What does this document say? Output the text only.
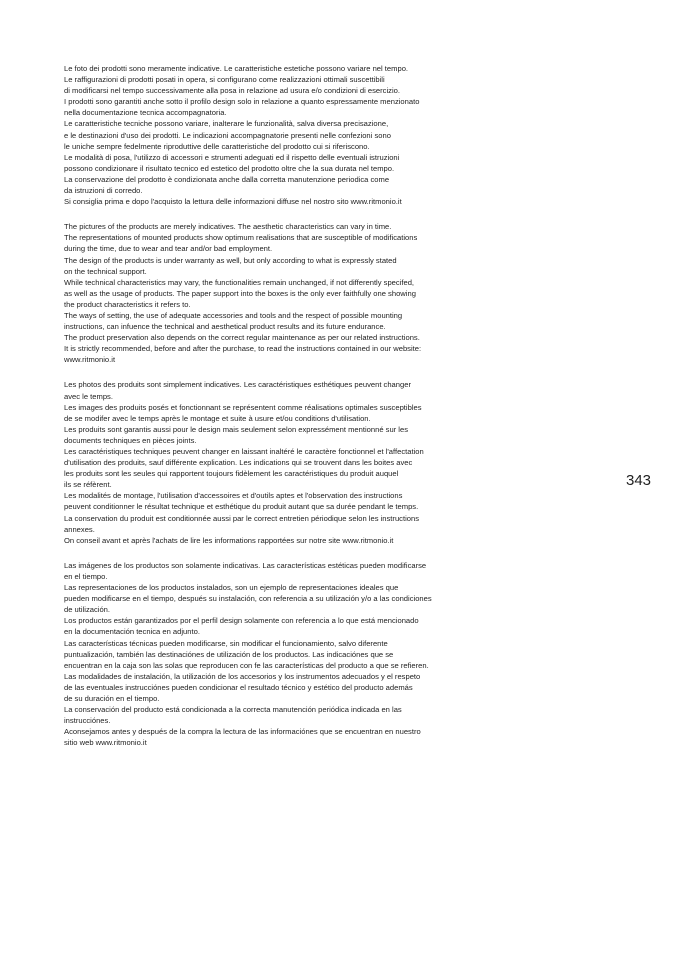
Le foto dei prodotti sono meramente indicative. Le caratteristiche estetiche possono variare nel tempo.
Le raffigurazioni di prodotti posati in opera, si configurano come realizzazioni ottimali suscettibili
di modificarsi nel tempo successivamente alla posa in relazione ad usura e/o condizioni di esercizio.
I prodotti sono garantiti anche sotto il profilo design solo in relazione a quanto espressamente menzionato
nella documentazione tecnica accompagnatoria.
Le caratteristiche tecniche possono variare, inalterare le funzionalità, salva diversa precisazione,
e le destinazioni d'uso dei prodotti. Le indicazioni accompagnatorie presenti nelle confezioni sono
le uniche sempre fedelmente riproduttive delle caratteristiche del prodotto cui si riferiscono.
Le modalità di posa, l'utilizzo di accessori e strumenti adeguati ed il rispetto delle eventuali istruzioni
possono condizionare il risultato tecnico ed estetico del prodotto oltre che la sua durata nel tempo.
La conservazione del prodotto è condizionata anche dalla corretta manutenzione periodica come
da istruzioni di corredo.
Si consiglia prima e dopo l'acquisto la lettura delle informazioni diffuse nel nostro sito www.ritmonio.it
The pictures of the products are merely indicatives. The aesthetic characteristics can vary in time.
The representations of mounted products show optimum realisations that are susceptible of modifications
during the time, due to wear and tear and/or bad employment.
The design of the products is under warranty as well, but only according to what is expressly stated
on the technical support.
While technical characteristics may vary, the functionalities remain unchanged, if not differently specifed,
as well as the usage of products. The paper support into the boxes is the only ever faithfully one showing
the product characteristics it refers to.
The ways of setting, the use of adequate accessories and tools and the respect of possible mounting
instructions, can infuence the technical and aesthetical product results and its future endurance.
The product preservation also depends on the correct regular maintenance as per our related instructions.
It is strictly recommended, before and after the purchase, to read the instructions contained in our website:
www.ritmonio.it
Les photos des produits sont simplement indicatives. Les caractéristiques esthétiques peuvent changer
avec le temps.
Les images des produits posés et fonctionnant se représentent comme réalisations optimales susceptibles
de se modifer avec le temps après le montage et suite à usure et/ou conditions d'utilisation.
Les produits sont garantis aussi pour le design mais seulement selon expressément mentionné sur les
documents techniques en pièces joints.
Les caractéristiques techniques peuvent changer en laissant inaltéré le caractère fonctionnel et l'affectation
d'utilisation des produits, sauf différente explication. Les indications qui se trouvent dans les boites avec
les produits sont les seules qui rapportent toujours fidèlement les caractéristiques du produit auquel
ils se réfèrent.
Les modalités de montage, l'utilisation d'accessoires et d'outils aptes et l'observation des instructions
peuvent conditionner le résultat technique et esthétique du produit autant que sa durée pendant le temps.
La conservation du produit est conditionnée aussi par le correct entretien périodique selon les instructions
annexes.
On conseil avant et après l'achats de lire les informations rapportées sur notre site www.ritmonio.it
Las imágenes de los productos son solamente indicativas. Las características estéticas pueden modificarse
en el tiempo.
Las representaciones de los productos instalados, son un ejemplo de representaciones ideales que
pueden modificarse en el tiempo, después su instalación, con referencia a su utilización y/o a las condiciones
de utilización.
Los productos están garantizados por el perfil design solamente con referencia a lo que está mencionado
en la documentación tecnica en adjunto.
Las características técnicas pueden modificarse, sin modificar el funcionamiento, salvo diferente
puntualización, también las destinaciónes de utilización de los productos. Las indicaciónes que se
encuentran en la caja son las solas que reproducen con fe las características del producto a que se refieren.
Las modalidades de instalación, la utilización de los accesorios y los instrumentos adecuados y el respeto
de las eventuales instrucciónes pueden condicionar el resultado técnico y estético del producto además
de su duración en el tiempo.
La conservación del producto está condicionada a la correcta manutención periódica indicada en las
instrucciónes.
Aconsejamos antes y después de la compra la lectura de las informaciónes que se encuentran en nuestro
sitio web www.ritmonio.it
343
